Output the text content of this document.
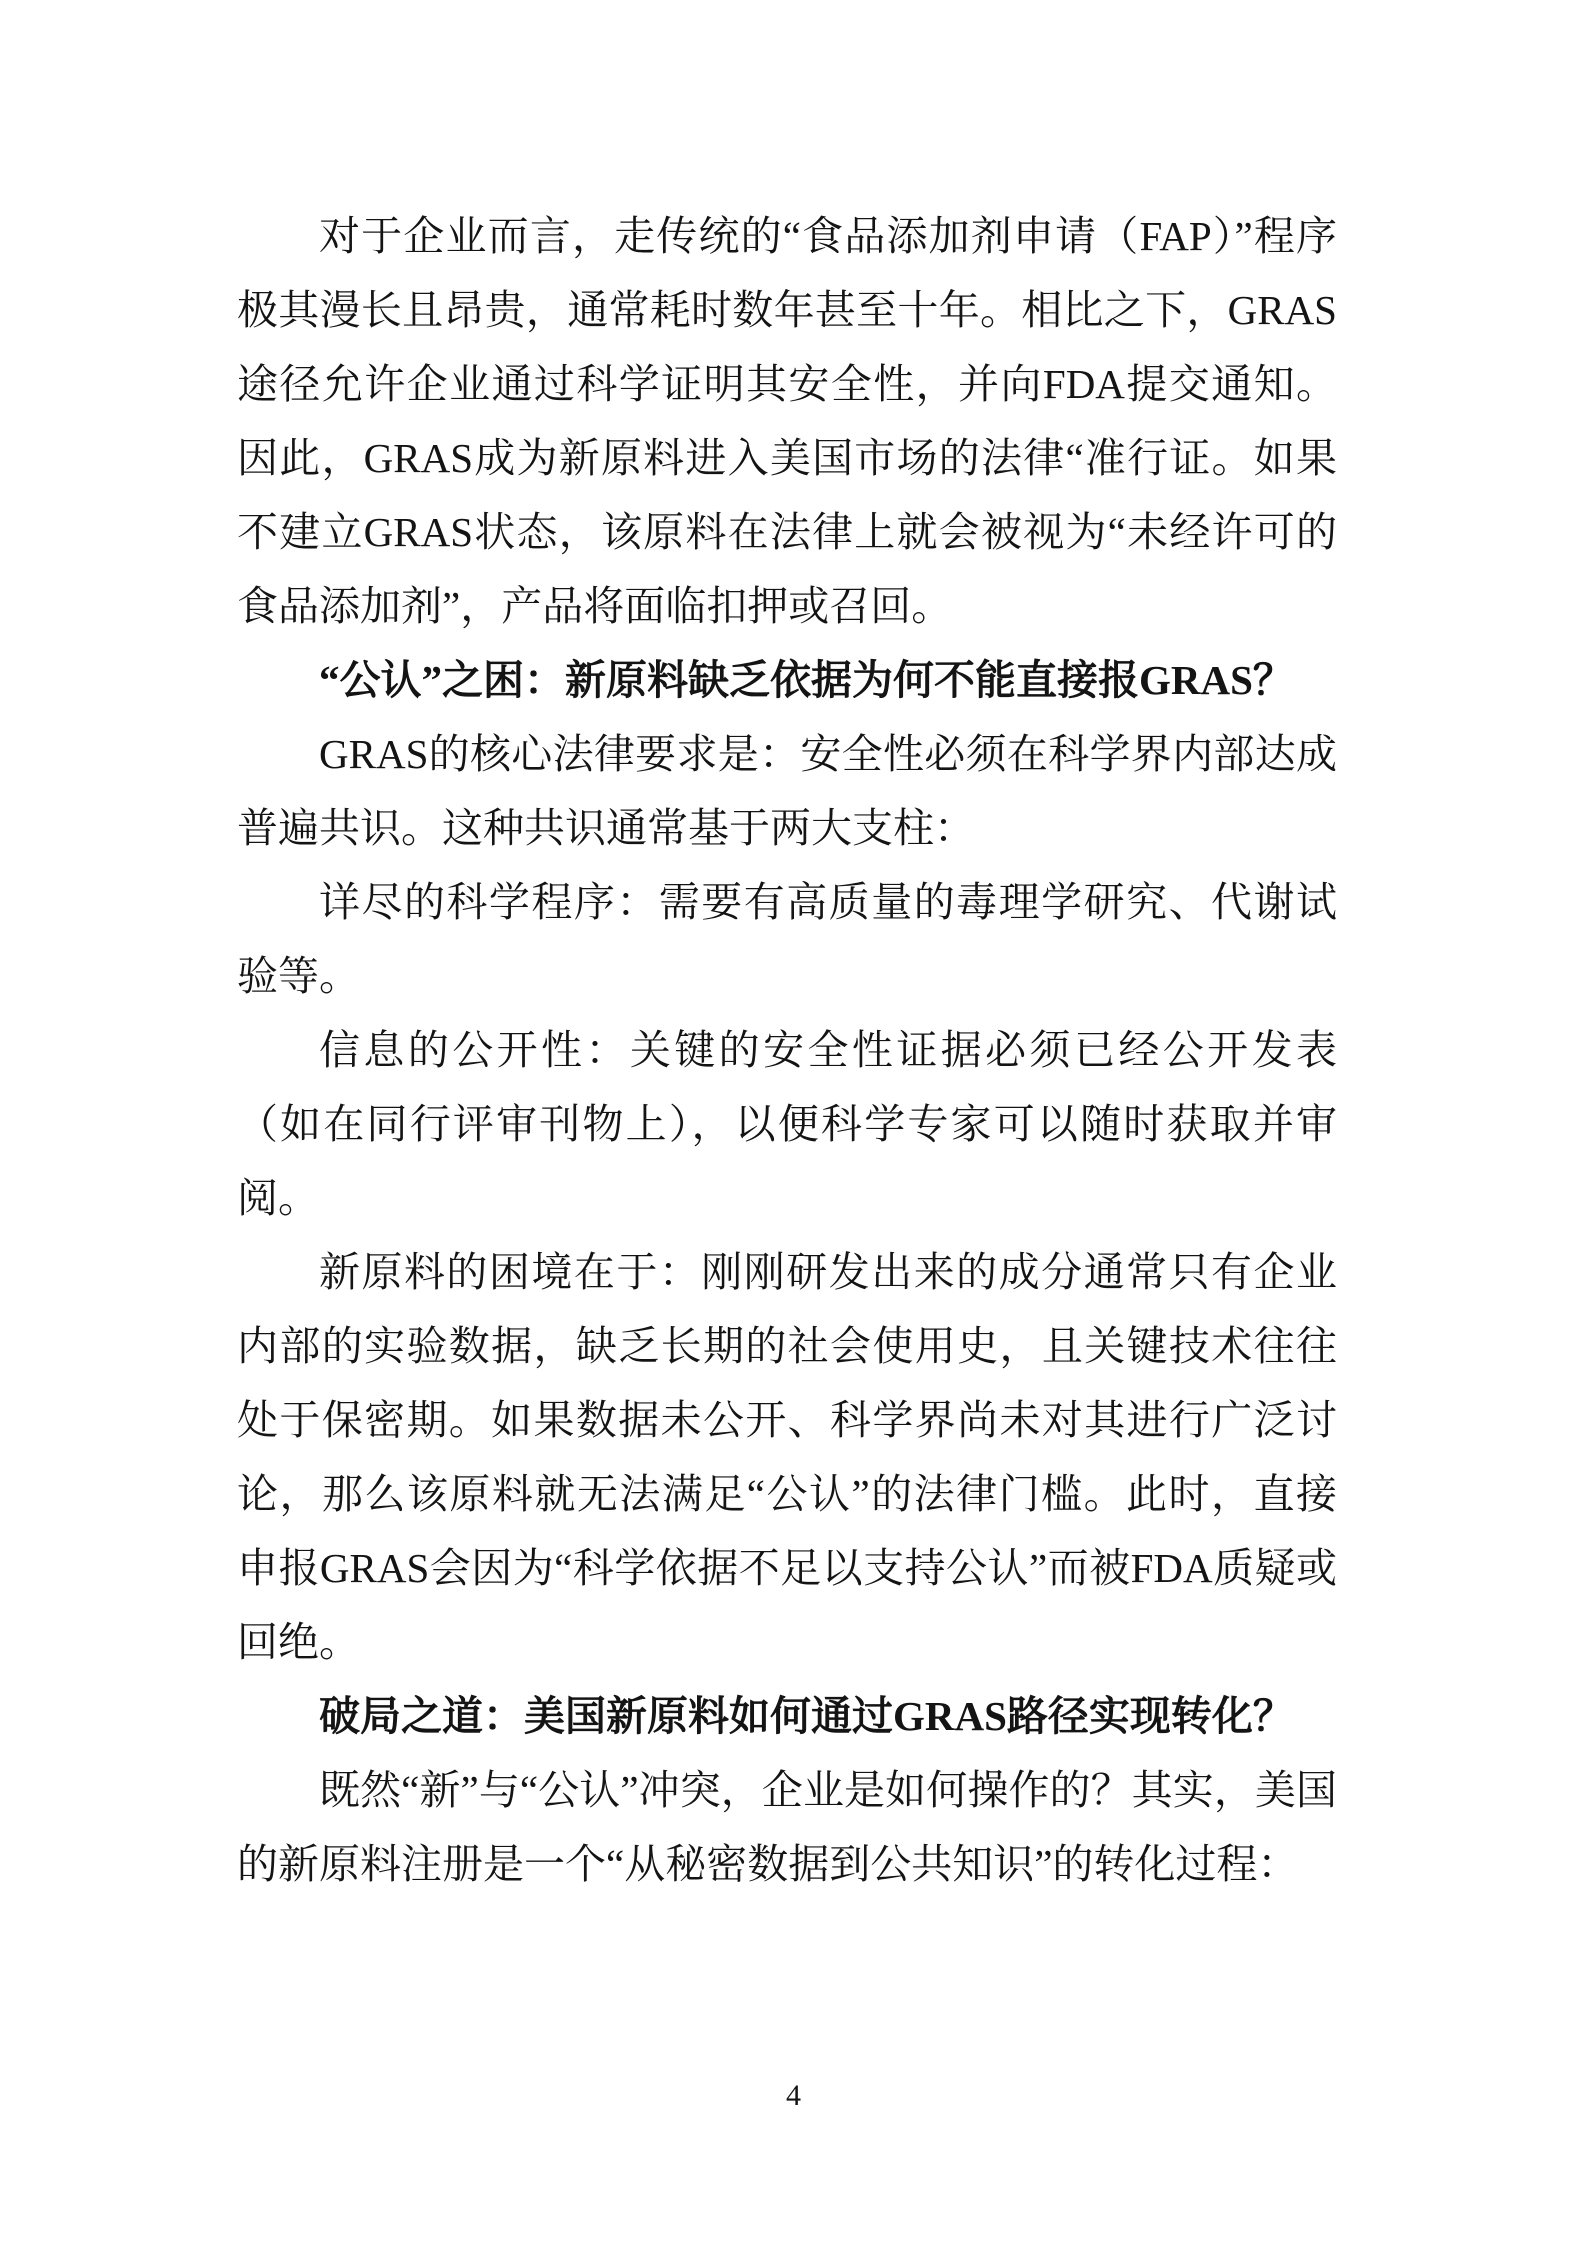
对于企业而言，走传统的“食品添加剂申请（FAP）”程序极其漫长且昂贵，通常耗时数年甚至十年。相比之下，GRAS途径允许企业通过科学证明其安全性，并向FDA提交通知。因此，GRAS成为新原料进入美国市场的法律“准行证。如果不建立GRAS状态，该原料在法律上就会被视为“未经许可的食品添加剂”，产品将面临扣押或召回。

“公认”之困：新原料缺乏依据为何不能直接报GRAS？

GRAS的核心法律要求是：安全性必须在科学界内部达成普遍共识。这种共识通常基于两大支柱：

详尽的科学程序：需要有高质量的毒理学研究、代谢试验等。

信息的公开性：关键的安全性证据必须已经公开发表（如在同行评审刊物上），以便科学专家可以随时获取并审阅。

新原料的困境在于：刚刚研发出来的成分通常只有企业内部的实验数据，缺乏长期的社会使用史，且关键技术往往处于保密期。如果数据未公开、科学界尚未对其进行广泛讨论，那么该原料就无法满足“公认”的法律门槛。此时，直接申报GRAS会因为“科学依据不足以支持公认”而被FDA质疑或回绝。

破局之道：美国新原料如何通过GRAS路径实现转化？

既然“新”与“公认”冲突，企业是如何操作的？其实，美国的新原料注册是一个“从秘密数据到公共知识”的转化过程：

4
